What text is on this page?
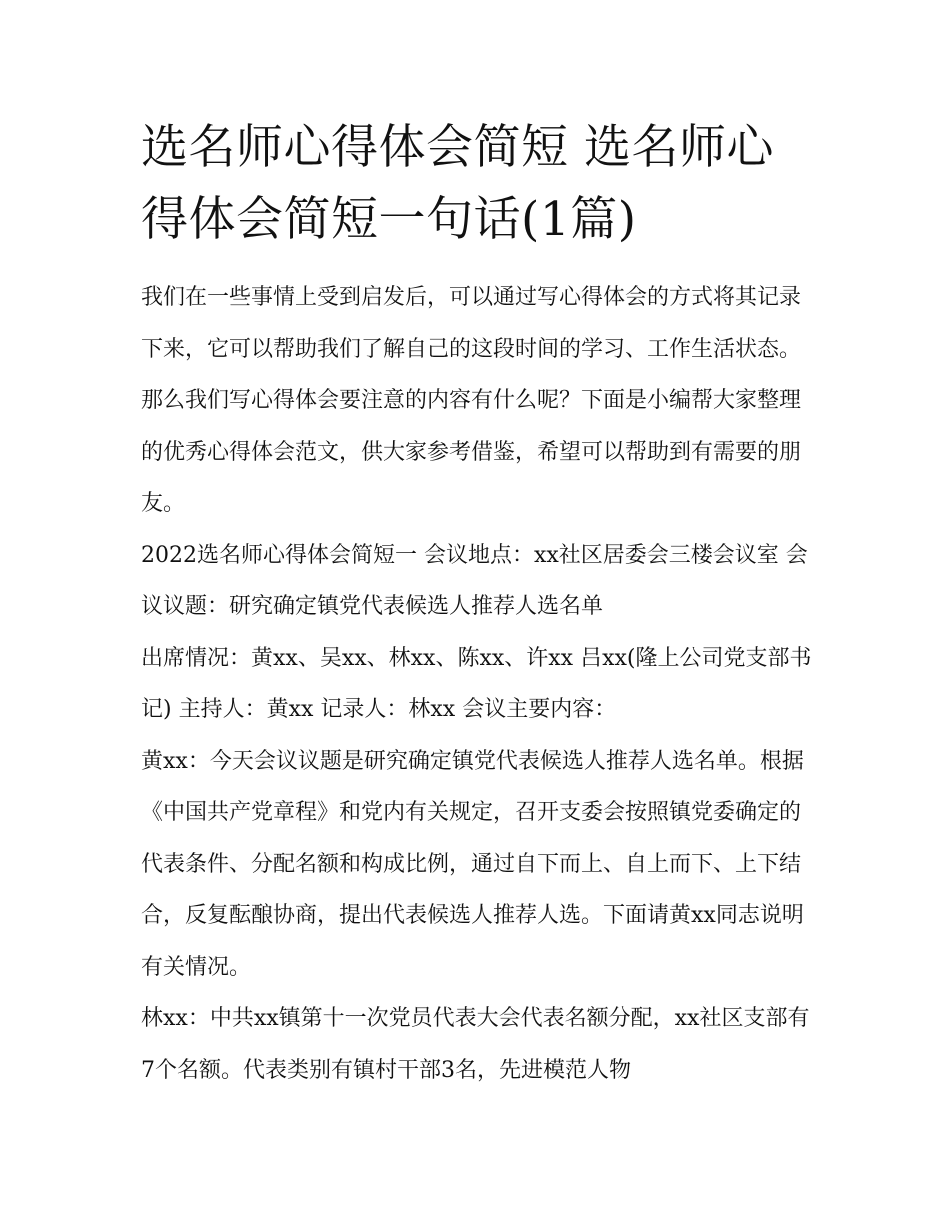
选名师心得体会简短 选名师心得体会简短一句话(1篇)

我们在一些事情上受到启发后，可以通过写心得体会的方式将其记录下来，它可以帮助我们了解自己的这段时间的学习、工作生活状态。那么我们写心得体会要注意的内容有什么呢？下面是小编帮大家整理的优秀心得体会范文，供大家参考借鉴，希望可以帮助到有需要的朋友。

2022选名师心得体会简短一 会议地点：xx社区居委会三楼会议室 会议议题：研究确定镇党代表候选人推荐人选名单

出席情况：黄xx、吴xx、林xx、陈xx、许xx 吕xx(隆上公司党支部书记) 主持人：黄xx 记录人：林xx 会议主要内容：

黄xx：今天会议议题是研究确定镇党代表候选人推荐人选名单。根据《中国共产党章程》和党内有关规定，召开支委会按照镇党委确定的代表条件、分配名额和构成比例，通过自下而上、自上而下、上下结合，反复酝酿协商，提出代表候选人推荐人选。下面请黄xx同志说明有关情况。

林xx：中共xx镇第十一次党员代表大会代表名额分配，xx社区支部有7个名额。代表类别有镇村干部3名，先进模范人物
